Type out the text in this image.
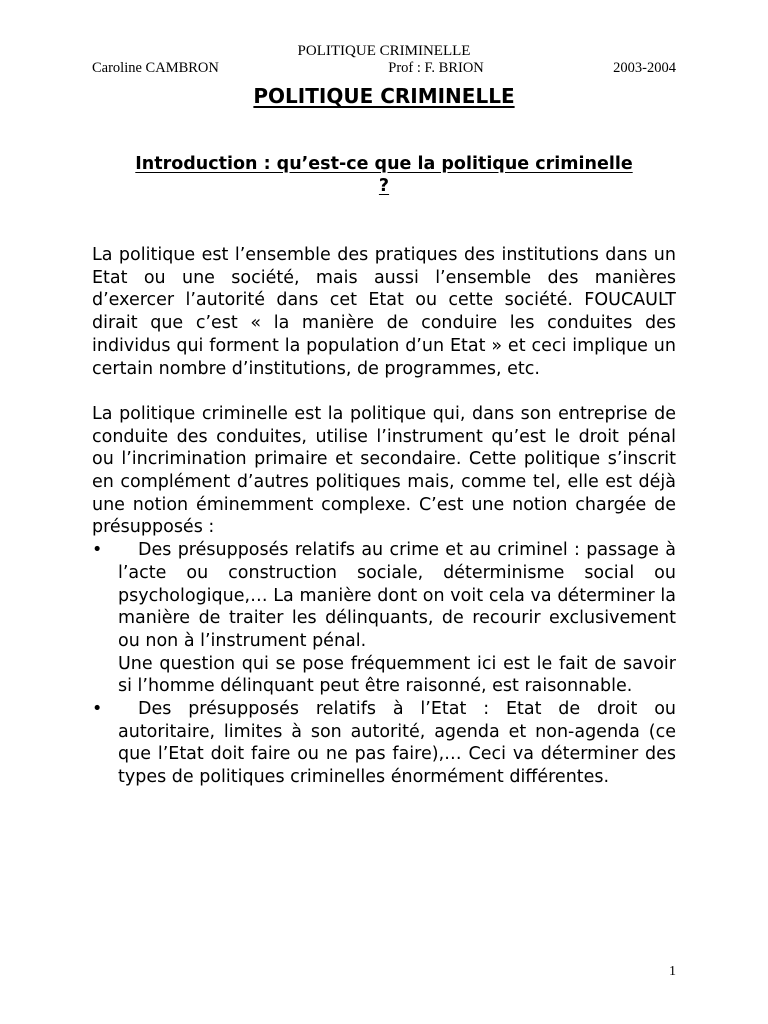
POLITIQUE CRIMINELLE
Caroline CAMBRON	Prof : F. BRION	2003-2004
POLITIQUE CRIMINELLE
Introduction : qu’est-ce que la politique criminelle ?

La politique est l’ensemble des pratiques des institutions dans un Etat ou une société, mais aussi l’ensemble des manières d’exercer l’autorité dans cet Etat ou cette société. FOUCAULT dirait que c’est « la manière de conduire les conduites des individus qui forment la population d’un Etat » et ceci implique un certain nombre d’institutions, de programmes, etc.

La politique criminelle est la politique qui, dans son entreprise de conduite des conduites, utilise l’instrument qu’est le droit pénal ou l’incrimination primaire et secondaire. Cette politique s’inscrit en complément d’autres politiques mais, comme tel, elle est déjà une notion éminemment complexe. C’est une notion chargée de présupposés :

•	Des présupposés relatifs au crime et au criminel : passage à l’acte ou construction sociale, déterminisme social ou psychologique,… La manière dont on voit cela va déterminer la manière de traiter les délinquants, de recourir exclusivement ou non à l’instrument pénal.

Une question qui se pose fréquemment ici est le fait de savoir si l’homme délinquant peut être raisonné, est raisonnable.

•	Des présupposés relatifs à l’Etat : Etat de droit ou autoritaire, limites à son autorité, agenda et non-agenda (ce que l’Etat doit faire ou ne pas faire),… Ceci va déterminer des types de politiques criminelles énormément différentes.

1
